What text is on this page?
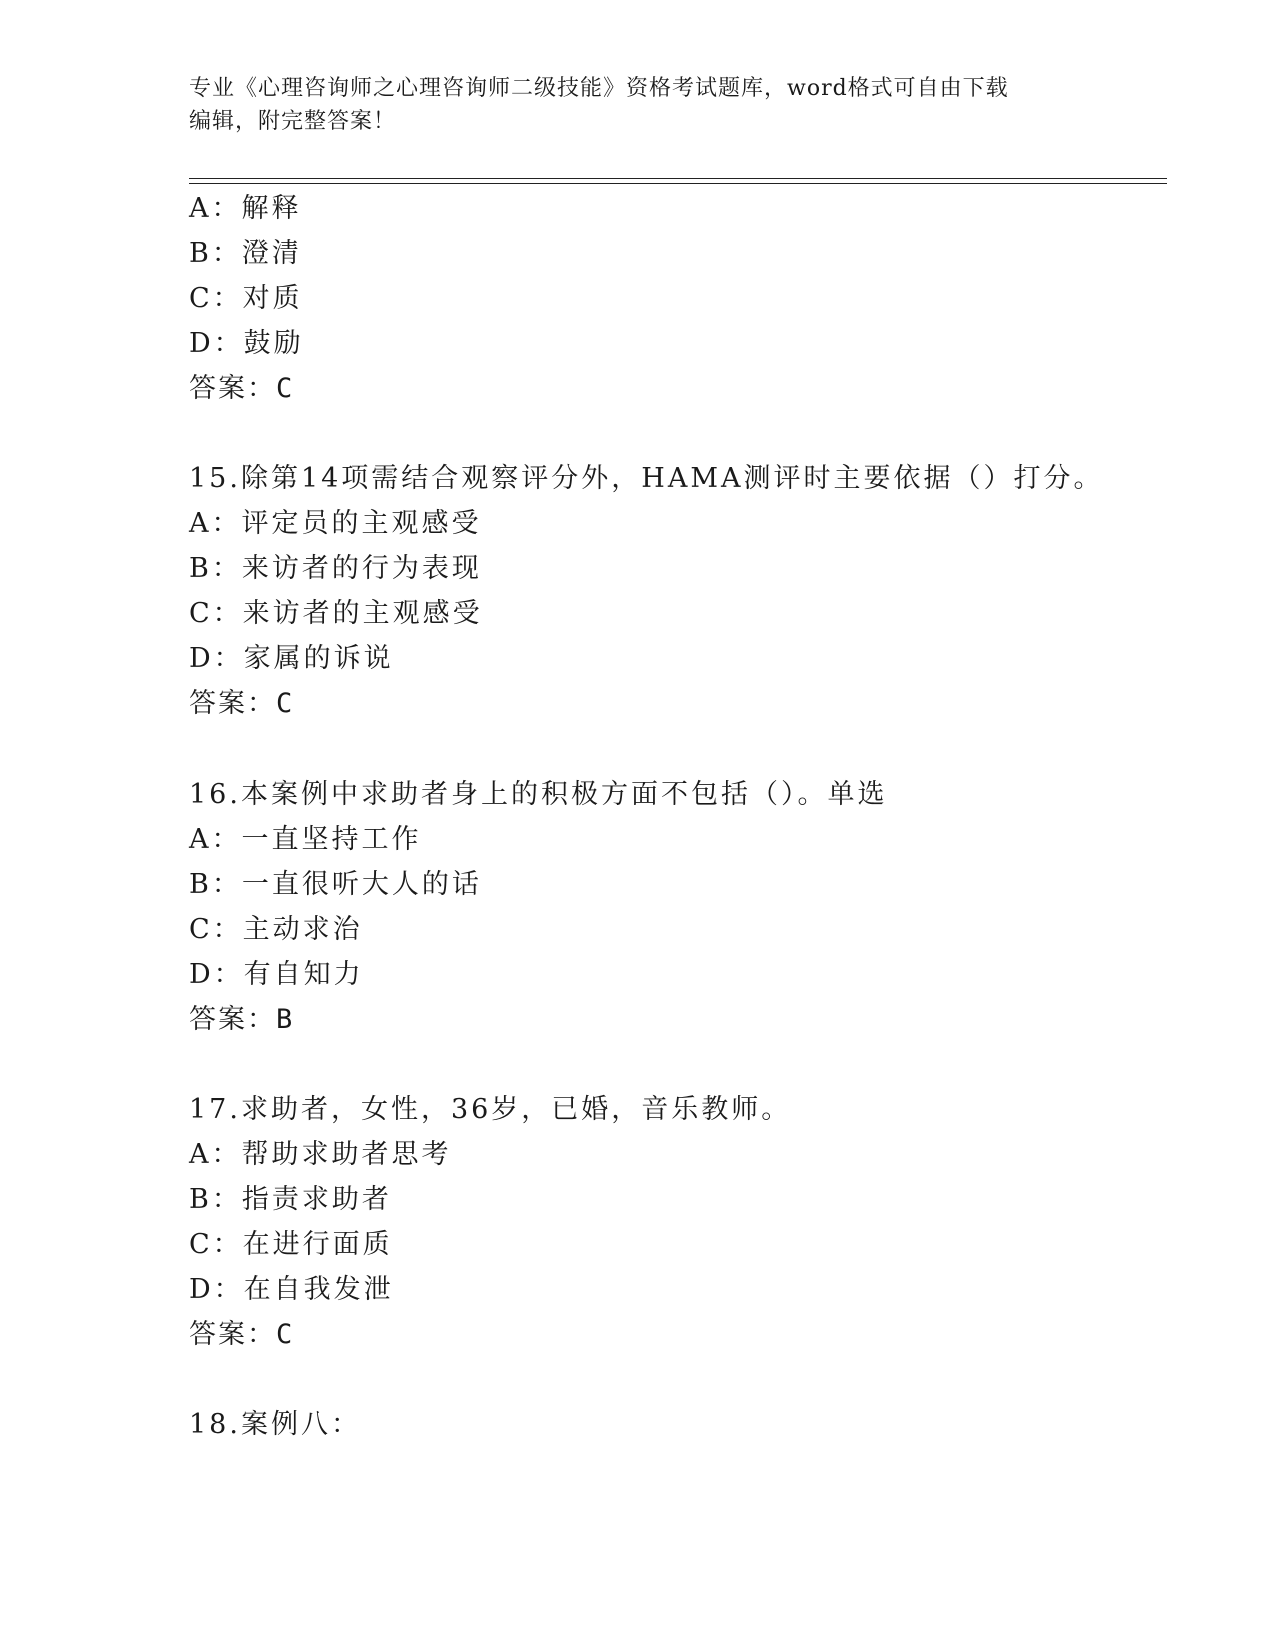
专业《心理咨询师之心理咨询师二级技能》资格考试题库，word格式可自由下载
编辑，附完整答案！
A：解释
B：澄清
C：对质
D：鼓励
答案：C
15.除第14项需结合观察评分外，HAMA测评时主要依据（）打分。
A：评定员的主观感受
B：来访者的行为表现
C：来访者的主观感受
D：家属的诉说
答案：C
16.本案例中求助者身上的积极方面不包括（）。单选
A：一直坚持工作
B：一直很听大人的话
C：主动求治
D：有自知力
答案：B
17.求助者，女性，36岁，已婚，音乐教师。
A：帮助求助者思考
B：指责求助者
C：在进行面质
D：在自我发泄
答案：C
18.案例八：
